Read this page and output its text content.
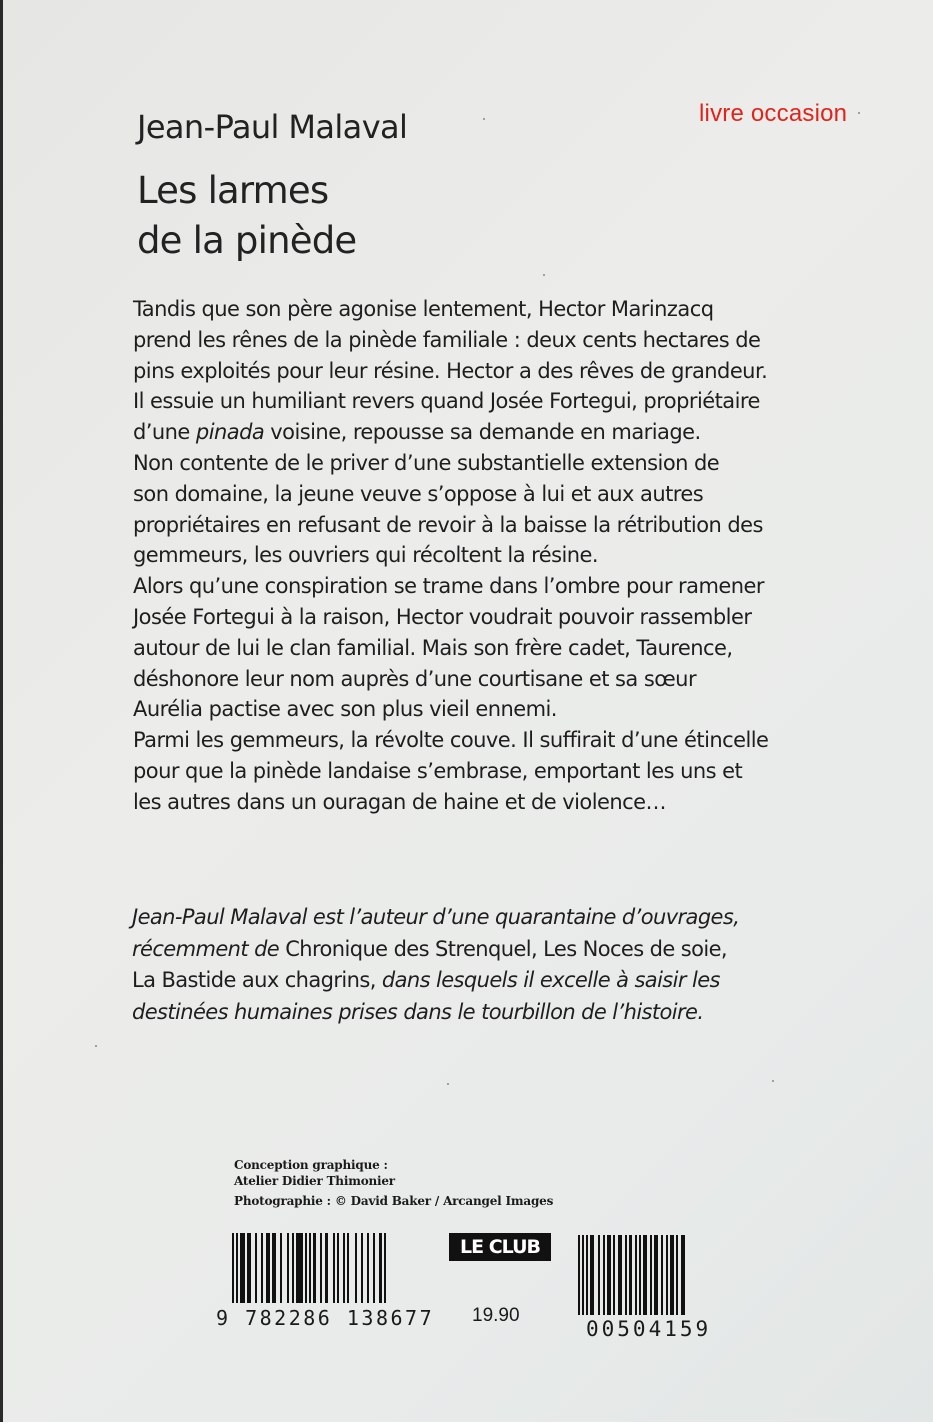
livre occasion
Jean-Paul Malaval
Les larmes
de la pinède
Tandis que son père agonise lentement, Hector Marinzacq
prend les rênes de la pinède familiale : deux cents hectares de
pins exploités pour leur résine. Hector a des rêves de grandeur.
Il essuie un humiliant revers quand Josée Fortegui, propriétaire
d’une pinada voisine, repousse sa demande en mariage.
Non contente de le priver d’une substantielle extension de
son domaine, la jeune veuve s’oppose à lui et aux autres
propriétaires en refusant de revoir à la baisse la rétribution des
gemmeurs, les ouvriers qui récoltent la résine.
Alors qu’une conspiration se trame dans l’ombre pour ramener
Josée Fortegui à la raison, Hector voudrait pouvoir rassembler
autour de lui le clan familial. Mais son frère cadet, Taurence,
déshonore leur nom auprès d’une courtisane et sa sœur
Aurélia pactise avec son plus vieil ennemi.
Parmi les gemmeurs, la révolte couve. Il suffirait d’une étincelle
pour que la pinède landaise s’embrase, emportant les uns et
les autres dans un ouragan de haine et de violence…
Jean-Paul Malaval est l’auteur d’une quarantaine d’ouvrages,
récemment de Chronique des Strenquel, Les Noces de soie,
La Bastide aux chagrins, dans lesquels il excelle à saisir les
destinées humaines prises dans le tourbillon de l’histoire.
Conception graphique :
Atelier Didier Thimonier
Photographie : © David Baker / Arcangel Images
9 782286 138677
LE CLUB
19.90
00504159
